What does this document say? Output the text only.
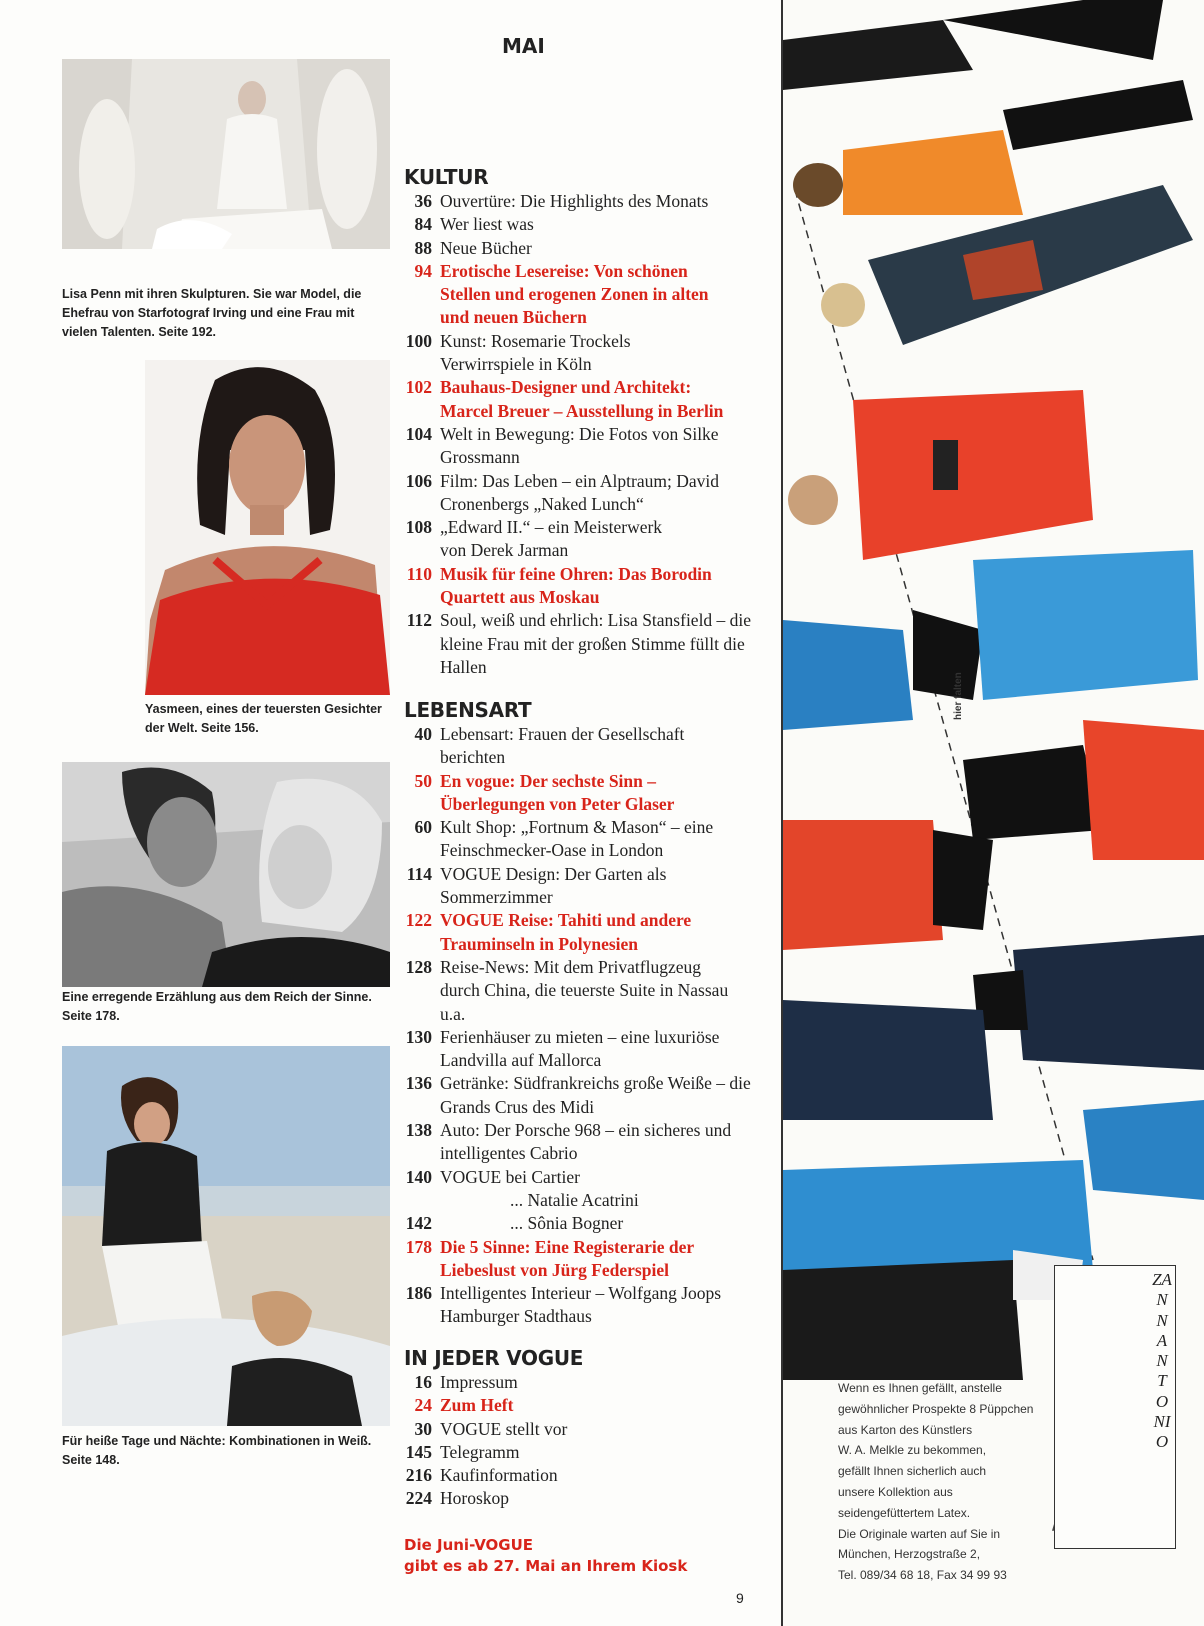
MAI
Lisa Penn mit ihren Skulpturen. Sie war Model, die Ehefrau von Starfotograf Irving und eine Frau mit vielen Talenten. Seite 192.
Yasmeen, eines der teuersten Gesichter der Welt. Seite 156.
Eine erregende Erzählung aus dem Reich der Sinne. Seite 178.
Für heiße Tage und Nächte: Kombinationen in Weiß. Seite 148.
KULTUR
36 Ouvertüre: Die Highlights des Monats
84 Wer liest was
88 Neue Bücher
94 Erotische Lesereise: Von schönen Stellen und erogenen Zonen in alten und neuen Büchern
100 Kunst: Rosemarie Trockels Verwirrspiele in Köln
102 Bauhaus-Designer und Architekt: Marcel Breuer – Ausstellung in Berlin
104 Welt in Bewegung: Die Fotos von Silke Grossmann
106 Film: Das Leben – ein Alptraum; David Cronenbergs „Naked Lunch“
108 „Edward II.“ – ein Meisterwerk von Derek Jarman
110 Musik für feine Ohren: Das Borodin Quartett aus Moskau
112 Soul, weiß und ehrlich: Lisa Stansfield – die kleine Frau mit der großen Stimme füllt die Hallen
LEBENSART
40 Lebensart: Frauen der Gesellschaft berichten
50 En vogue: Der sechste Sinn – Überlegungen von Peter Glaser
60 Kult Shop: „Fortnum & Mason“ – eine Feinschmecker-Oase in London
114 VOGUE Design: Der Garten als Sommerzimmer
122 VOGUE Reise: Tahiti und andere Trauminseln in Polynesien
128 Reise-News: Mit dem Privatflugzeug durch China, die teuerste Suite in Nassau u.a.
130 Ferienhäuser zu mieten – eine luxuriöse Landvilla auf Mallorca
136 Getränke: Südfrankreichs große Weiße – die Grands Crus des Midi
138 Auto: Der Porsche 968 – ein sicheres und intelligentes Cabrio
140 VOGUE bei Cartier
... Natalie Acatrini
142	... Sônia Bogner
178 Die 5 Sinne: Eine Registerarie der Liebeslust von Jürg Federspiel
186 Intelligentes Interieur – Wolfgang Joops Hamburger Stadthaus
IN JEDER VOGUE
16 Impressum
24 Zum Heft
30 VOGUE stellt vor
145 Telegramm
216 Kaufinformation
224 Horoskop
Die Juni-VOGUE
gibt es ab 27. Mai an Ihrem Kiosk
9
hier falten
ZANNANTONIO
Wenn es Ihnen gefällt, anstelle
gewöhnlicher Prospekte 8 Püppchen
aus Karton des Künstlers
W. A. Melkle zu bekommen,
gefällt Ihnen sicherlich auch
unsere Kollektion aus
seidengefüttertem Latex.
Die Originale warten auf Sie in
München, Herzogstraße 2,
Tel. 089/34 68 18, Fax 34 99 93
